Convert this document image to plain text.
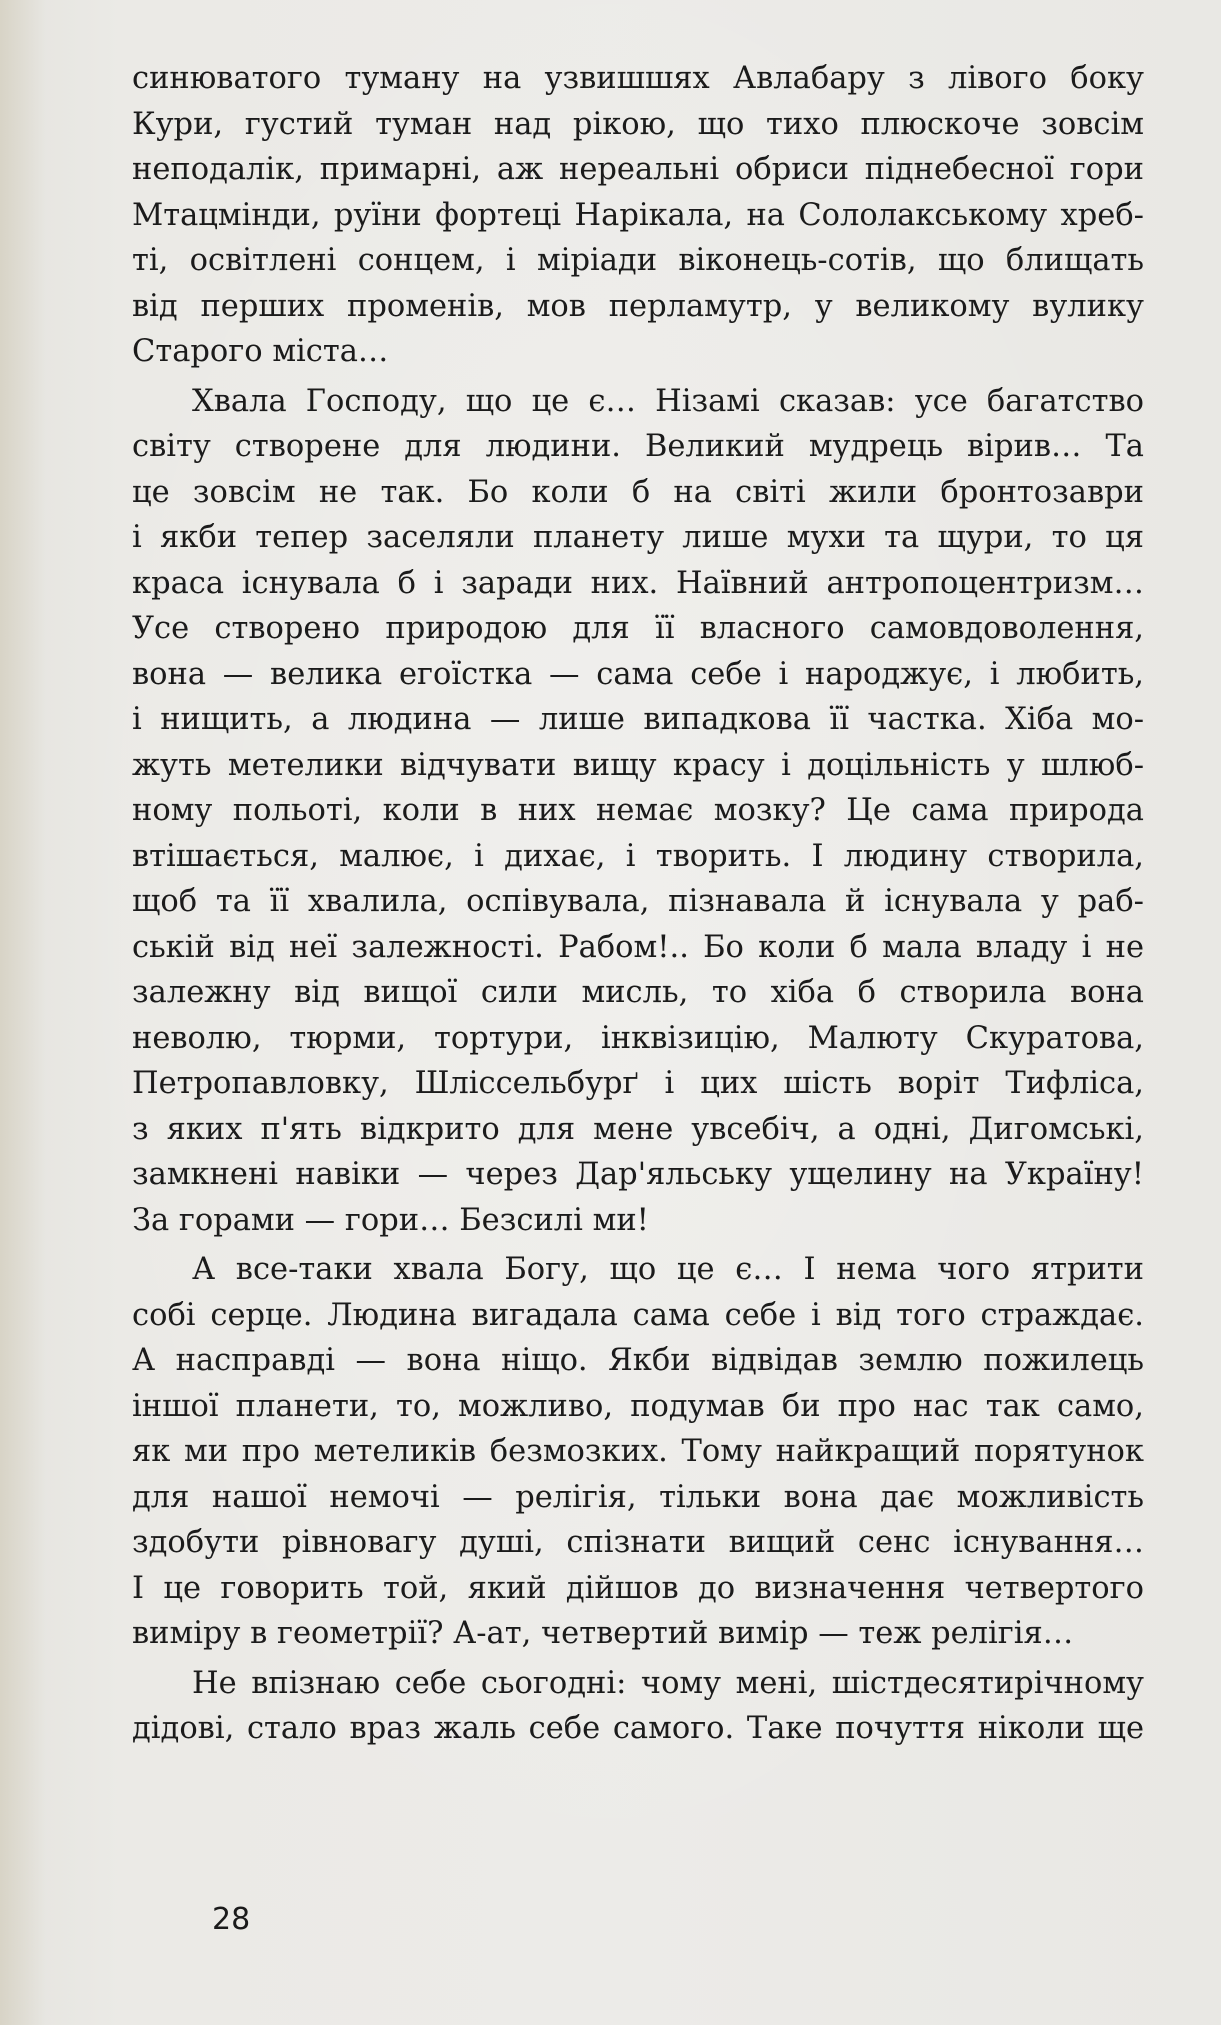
синюватого туману на узвишшях Авлабару з лівого боку
Кури, густий туман над рікою, що тихо плюскоче зовсім
неподалік, примарні, аж нереальні обриси піднебесної гори
Мтацмінди, руїни фортеці Нарікала, на Сололакському хреб-
ті, освітлені сонцем, і міріади віконець-сотів, що блищать
від перших променів, мов перламутр, у великому вулику
Старого міста…
Хвала Господу, що це є… Нізамі сказав: усе багатство
світу створене для людини. Великий мудрець вірив… Та
це зовсім не так. Бо коли б на світі жили бронтозаври
і якби тепер заселяли планету лише мухи та щури, то ця
краса існувала б і заради них. Наївний антропоцентризм…
Усе створено природою для її власного самовдоволення,
вона — велика егоїстка — сама себе і народжує, і любить,
і нищить, а людина — лише випадкова її частка. Хіба мо-
жуть метелики відчувати вищу красу і доцільність у шлюб-
ному польоті, коли в них немає мозку? Це сама природа
втішається, малює, і дихає, і творить. І людину створила,
щоб та її хвалила, оспівувала, пізнавала й існувала у раб-
ській від неї залежності. Рабом!.. Бо коли б мала владу і не
залежну від вищої сили мисль, то хіба б створила вона
неволю, тюрми, тортури, інквізицію, Малюту Скуратова,
Петропавловку, Шліссельбурґ і цих шість воріт Тифліса,
з яких п'ять відкрито для мене увсебіч, а одні, Дигомські,
замкнені навіки — через Дар'яльську ущелину на Україну!
За горами — гори… Безсилі ми!
А все-таки хвала Богу, що це є… І нема чого ятрити
собі серце. Людина вигадала сама себе і від того страждає.
А насправді — вона ніщо. Якби відвідав землю пожилець
іншої планети, то, можливо, подумав би про нас так само,
як ми про метеликів безмозких. Тому найкращий порятунок
для нашої немочі — релігія, тільки вона дає можливість
здобути рівновагу душі, спізнати вищий сенс існування…
І це говорить той, який дійшов до визначення четвертого
виміру в геометрії? А-ат, четвертий вимір — теж релігія…
Не впізнаю себе сьогодні: чому мені, шістдесятирічному
дідові, стало враз жаль себе самого. Таке почуття ніколи ще
28
